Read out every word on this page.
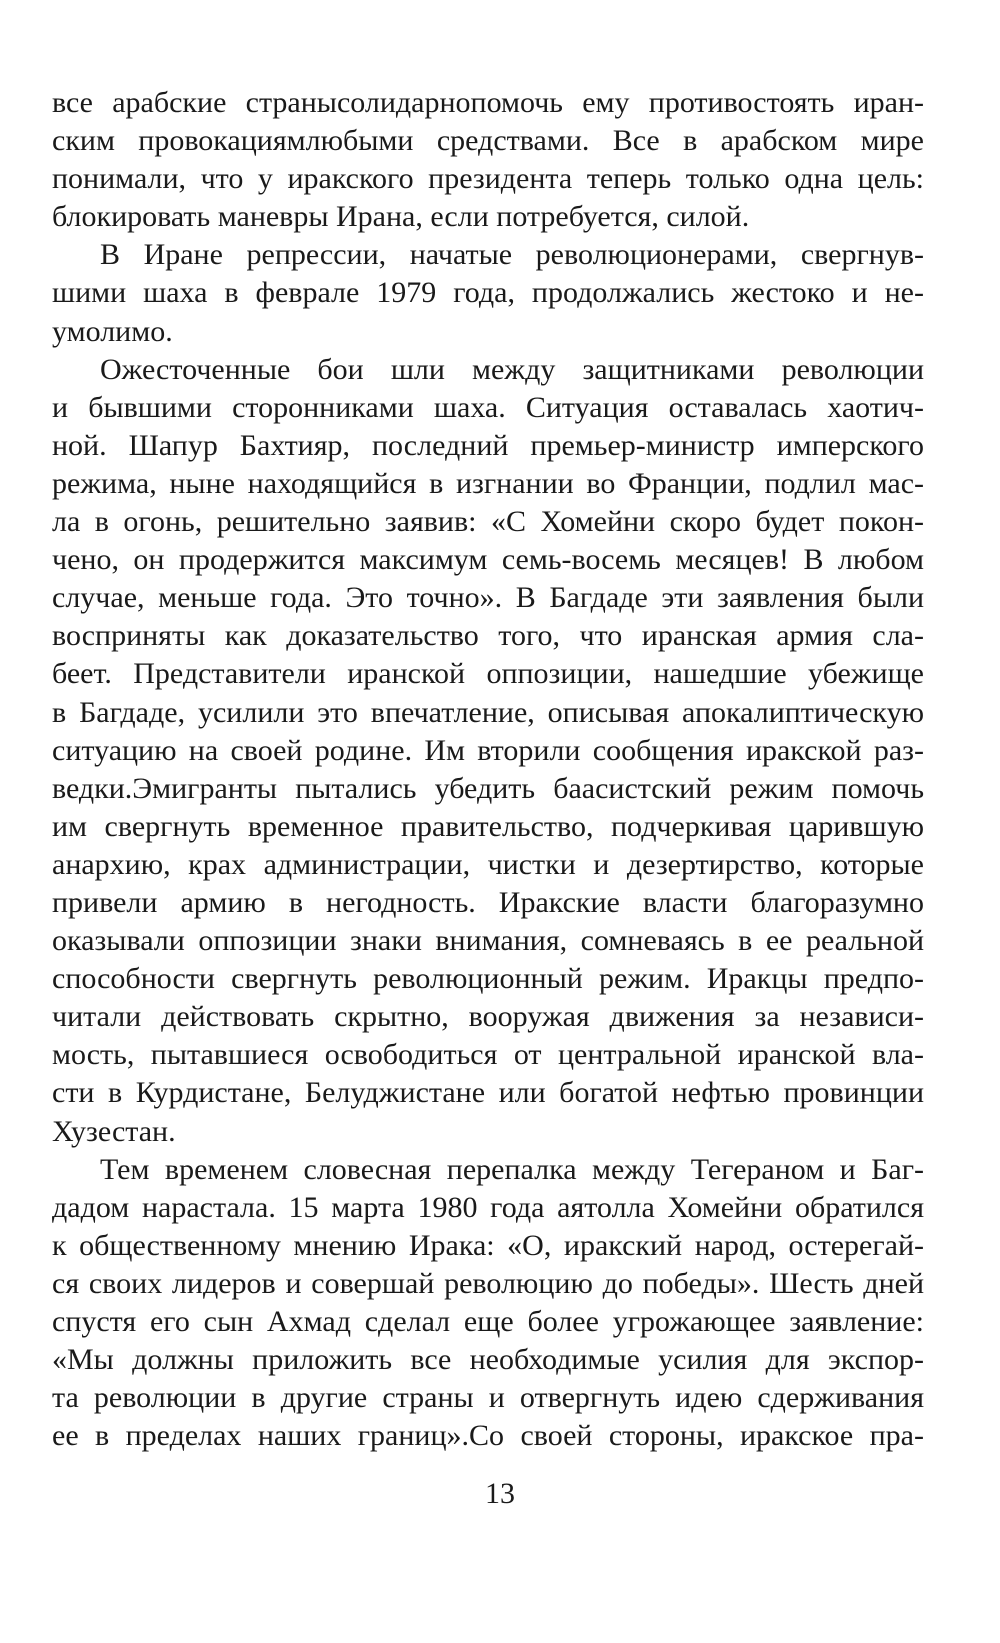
все арабские странысолидарнопомочь ему противостоять иран-
ским провокациямлюбыми средствами. Все в арабском мире
понимали, что у иракского президента теперь только одна цель:
блокировать маневры Ирана, если потребуется, силой.
В Иране репрессии, начатые революционерами, свергнув-
шими шаха в феврале 1979 года, продолжались жестоко и не-
умолимо.
Ожесточенные бои шли между защитниками революции
и бывшими сторонниками шаха. Ситуация оставалась хаотич-
ной. Шапур Бахтияр, последний премьер-министр имперского
режима, ныне находящийся в изгнании во Франции, подлил мас-
ла в огонь, решительно заявив: «С Хомейни скоро будет покон-
чено, он продержится максимум семь-восемь месяцев! В любом
случае, меньше года. Это точно». В Багдаде эти заявления были
восприняты как доказательство того, что иранская армия сла-
беет. Представители иранской оппозиции, нашедшие убежище
в Багдаде, усилили это впечатление, описывая апокалиптическую
ситуацию на своей родине. Им вторили сообщения иракской раз-
ведки.Эмигранты пытались убедить баасистский режим помочь
им свергнуть временное правительство, подчеркивая царившую
анархию, крах администрации, чистки и дезертирство, которые
привели армию в негодность. Иракские власти благоразумно
оказывали оппозиции знаки внимания, сомневаясь в ее реальной
способности свергнуть революционный режим. Иракцы предпо-
читали действовать скрытно, вооружая движения за независи-
мость, пытавшиеся освободиться от центральной иранской вла-
сти в Курдистане, Белуджистане или богатой нефтью провинции
Хузестан.
Тем временем словесная перепалка между Тегераном и Баг-
дадом нарастала. 15 марта 1980 года аятолла Хомейни обратился
к общественному мнению Ирака: «О, иракский народ, остерегай-
ся своих лидеров и совершай революцию до победы». Шесть дней
спустя его сын Ахмад сделал еще более угрожающее заявление:
«Мы должны приложить все необходимые усилия для экспор-
та революции в другие страны и отвергнуть идею сдерживания
ее в пределах наших границ».Со своей стороны, иракское пра-
13
